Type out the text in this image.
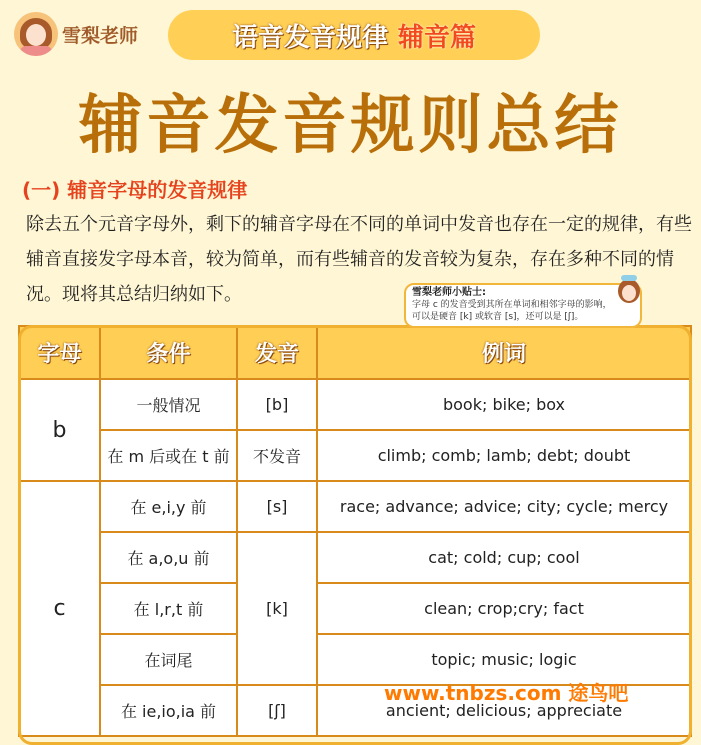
雪梨老师	语音发音规律 辅音篇
辅音发音规则总结
(一) 辅音字母的发音规律
除去五个元音字母外，剩下的辅音字母在不同的单词中发音也存在一定的规律，有些辅音直接发字母本音，较为简单，而有些辅音的发音较为复杂，存在多种不同的情况。现将其总结归纳如下。	雪梨老师小贴士:
字母 c 的发音受到其所在单词和相邻字母的影响，可以是硬音 [k] 或软音 [s]，还可以是 [ʃ]。
字母	条件	发音	例词
b	一般情况	[b]	book; bike; box
	在 m 后或在 t 前	不发音	climb; comb; lamb; debt; doubt
c	在 e,i,y 前	[s]	race; advance; advice; city; cycle; mercy
	在 a,o,u 前	[k]	cat; cold; cup; cool
	在 l,r,t 前		clean; crop;cry; fact
	在词尾		topic; music; logic
	在 ie,io,ia 前	[ʃ]	ancient; delicious; appreciate
www.tnbzs.com 途鸟吧
